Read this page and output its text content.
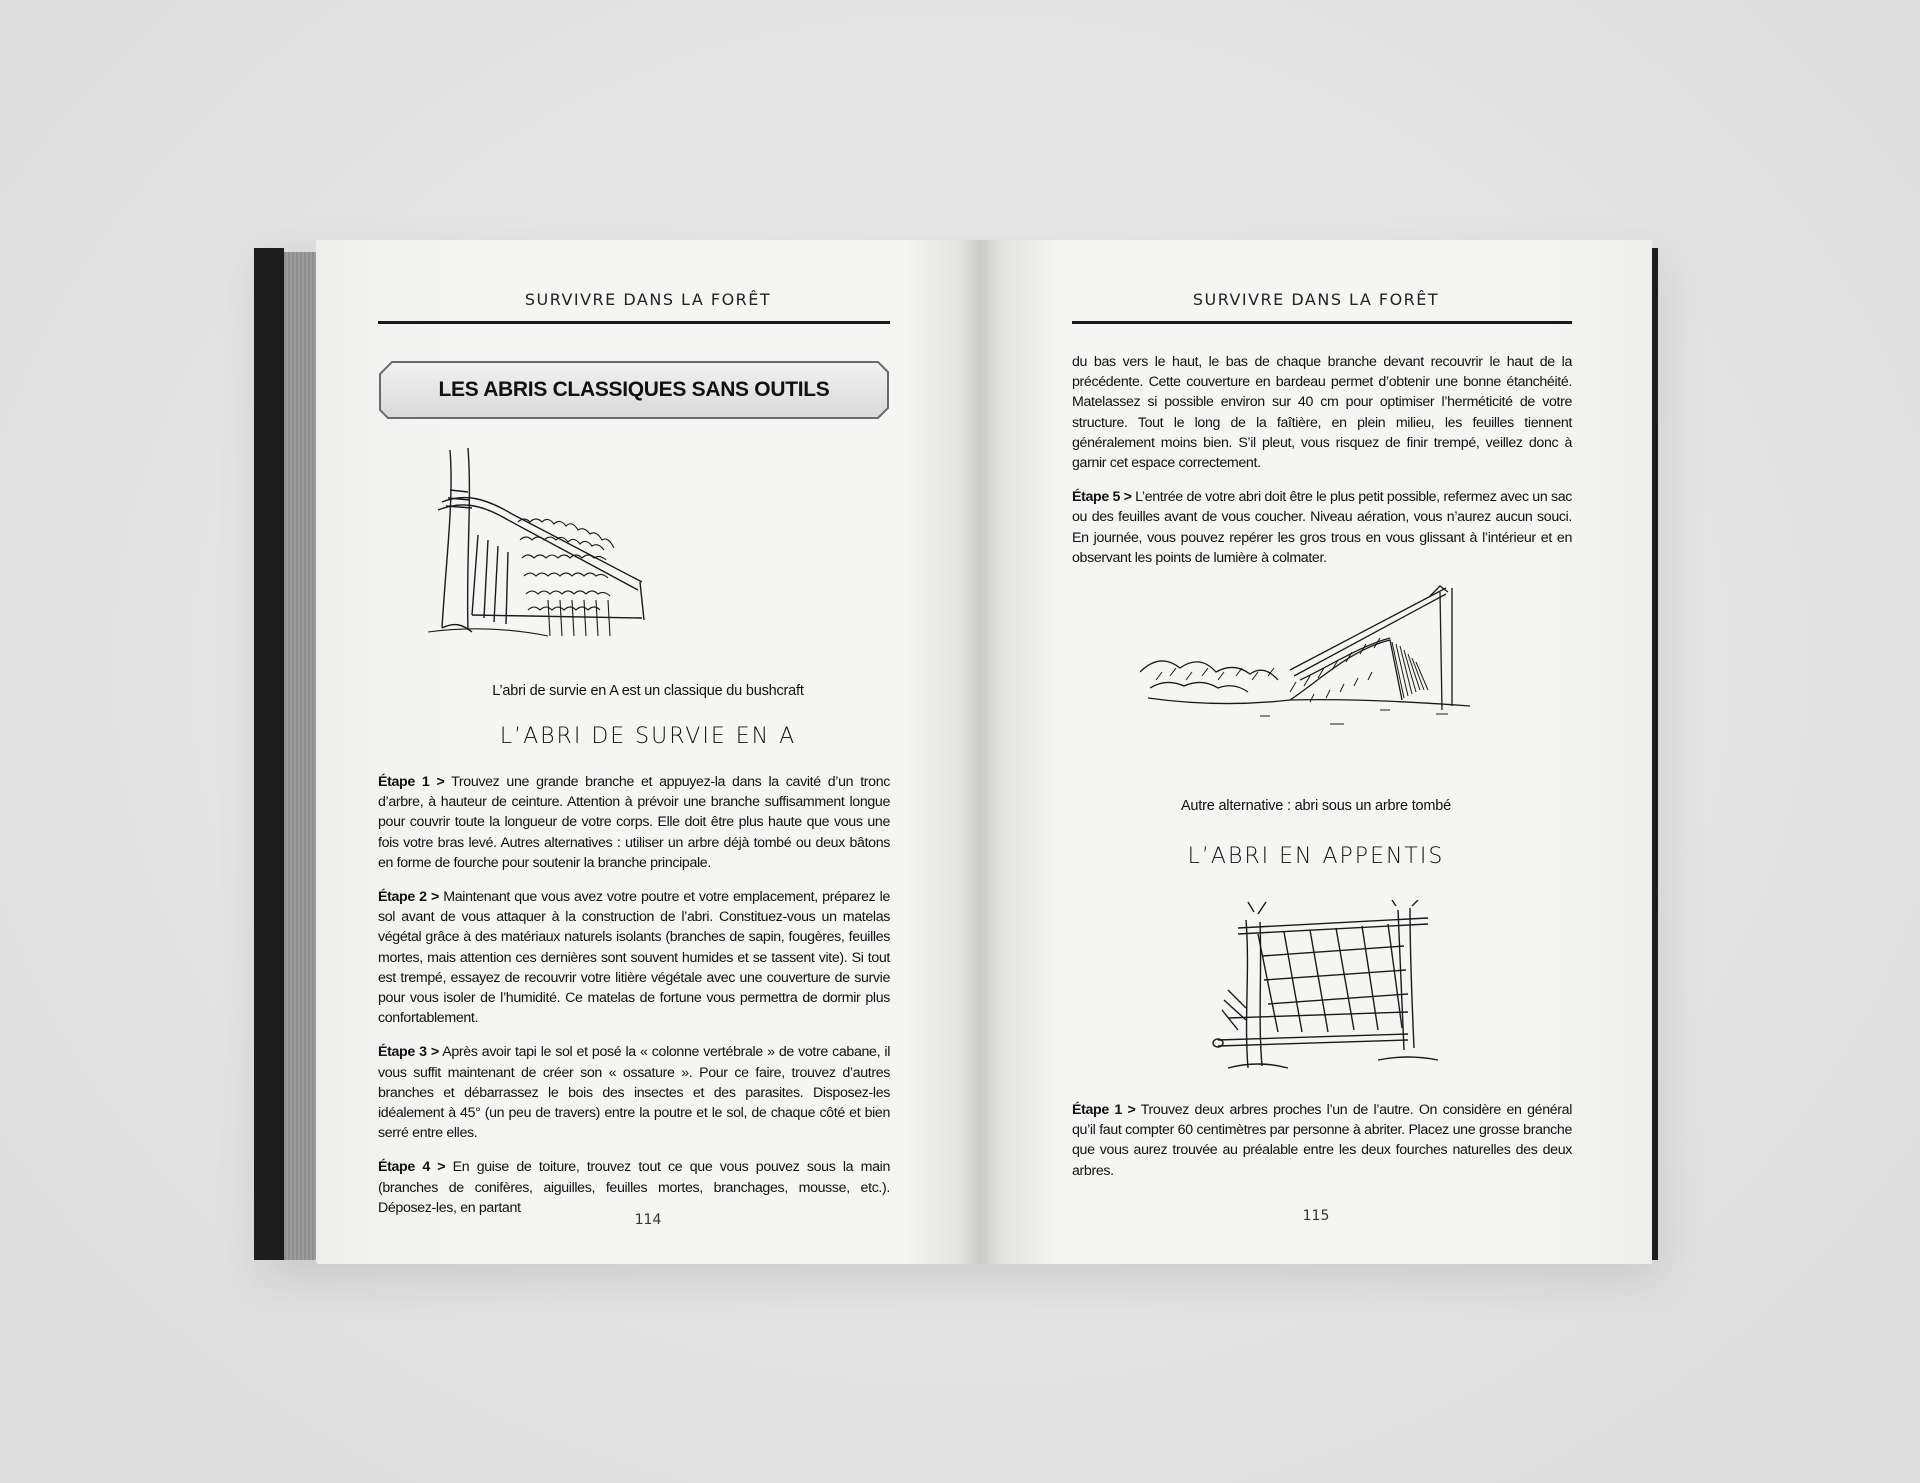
SURVIVRE DANS LA FORÊT
LES ABRIS CLASSIQUES SANS OUTILS
L’abri de survie en A est un classique du bushcraft
L’ABRI DE SURVIE EN A

Étape 1 > Trouvez une grande branche et appuyez-la dans la cavité d’un tronc d’arbre, à hauteur de ceinture. Attention à prévoir une branche suffisamment longue pour couvrir toute la longueur de votre corps. Elle doit être plus haute que vous une fois votre bras levé. Autres alternatives : utiliser un arbre déjà tombé ou deux bâtons en forme de fourche pour soutenir la branche principale.

Étape 2 > Maintenant que vous avez votre poutre et votre emplacement, préparez le sol avant de vous attaquer à la construction de l’abri. Constituez-vous un matelas végétal grâce à des matériaux naturels isolants (branches de sapin, fougères, feuilles mortes, mais attention ces dernières sont souvent humides et se tassent vite). Si tout est trempé, essayez de recouvrir votre litière végétale avec une couverture de survie pour vous isoler de l’humidité. Ce matelas de fortune vous permettra de dormir plus confortablement.

Étape 3 > Après avoir tapi le sol et posé la « colonne vertébrale » de votre cabane, il vous suffit maintenant de créer son « ossature ». Pour ce faire, trouvez d’autres branches et débarrassez le bois des insectes et des parasites. Disposez-les idéalement à 45° (un peu de travers) entre la poutre et le sol, de chaque côté et bien serré entre elles.

Étape 4 > En guise de toiture, trouvez tout ce que vous pouvez sous la main (branches de conifères, aiguilles, feuilles mortes, branchages, mousse, etc.). Déposez-les, en partant

114
SURVIVRE DANS LA FORÊT

du bas vers le haut, le bas de chaque branche devant recouvrir le haut de la précédente. Cette couverture en bardeau permet d’obtenir une bonne étanchéité. Matelassez si possible environ sur 40 cm pour optimiser l’herméticité de votre structure. Tout le long de la faîtière, en plein milieu, les feuilles tiennent généralement moins bien. S’il pleut, vous risquez de finir trempé, veillez donc à garnir cet espace correctement.

Étape 5 > L’entrée de votre abri doit être le plus petit possible, refermez avec un sac ou des feuilles avant de vous coucher. Niveau aération, vous n’aurez aucun souci. En journée, vous pouvez repérer les gros trous en vous glissant à l’intérieur et en observant les points de lumière à colmater.

Autre alternative : abri sous un arbre tombé
L’ABRI EN APPENTIS

Étape 1 > Trouvez deux arbres proches l’un de l’autre. On considère en général qu’il faut compter 60 centimètres par personne à abriter. Placez une grosse branche que vous aurez trouvée au préalable entre les deux fourches naturelles des deux arbres.

115
